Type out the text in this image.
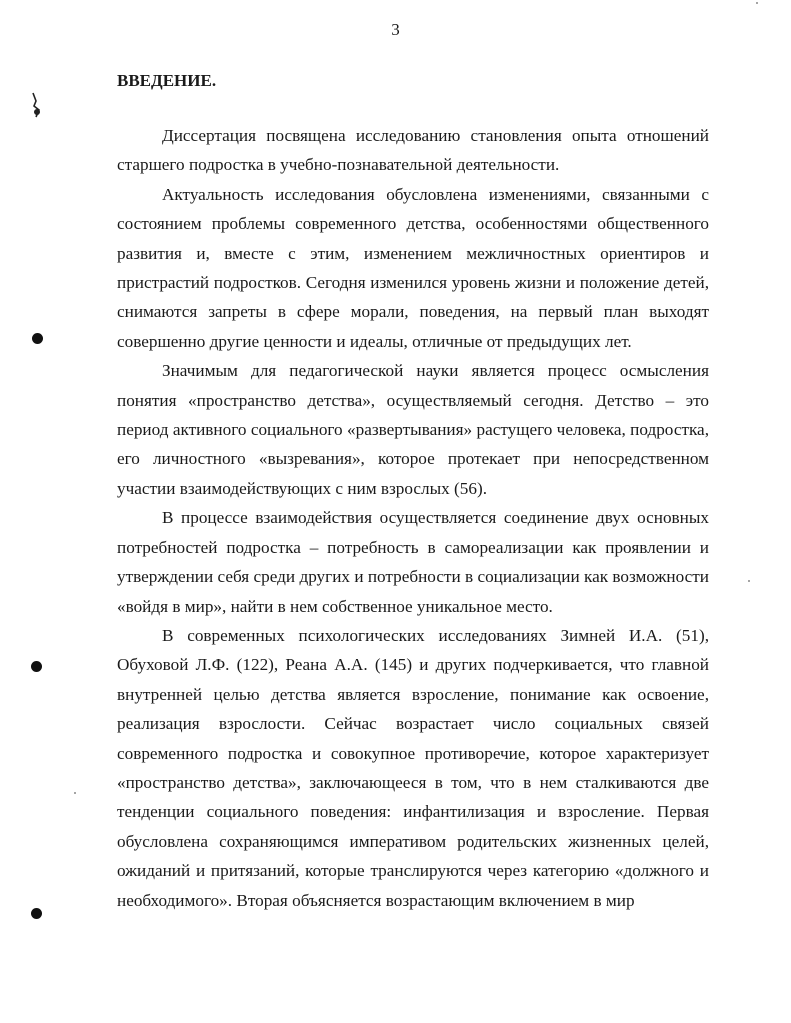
3
ВВЕДЕНИЕ.

Диссертация посвящена исследованию становления опыта отношений старшего подростка в учебно-познавательной деятельности.

Актуальность исследования обусловлена изменениями, связанными с состоянием проблемы современного детства, особенностями общественного развития и, вместе с этим, изменением межличностных ориентиров и пристрастий подростков. Сегодня изменился уровень жизни и положение детей, снимаются запреты в сфере морали, поведения, на первый план выходят совершенно другие ценности и идеалы, отличные от предыдущих лет.

Значимым для педагогической науки является процесс осмысления понятия «пространство детства», осуществляемый сегодня. Детство – это период активного социального «развертывания» растущего человека, подростка, его личностного «вызревания», которое протекает при непосредственном участии взаимодействующих с ним взрослых (56).

В процессе взаимодействия осуществляется соединение двух основных потребностей подростка – потребность в самореализации как проявлении и утверждении себя среди других и потребности в социализации как возможности «войдя в мир», найти в нем собственное уникальное место.

В современных психологических исследованиях Зимней И.А. (51), Обуховой Л.Ф. (122), Реана А.А. (145) и других подчеркивается, что главной внутренней целью детства является взросление, понимание как освоение, реализация взрослости. Сейчас возрастает число социальных связей современного подростка и совокупное противоречие, которое характеризует «пространство детства», заключающееся в том, что в нем сталкиваются две тенденции социального поведения: инфантилизация и взросление. Первая обусловлена сохраняющимся императивом родительских жизненных целей, ожиданий и притязаний, которые транслируются через категорию «должного и необходимого». Вторая объясняется возрастающим включением в мир
